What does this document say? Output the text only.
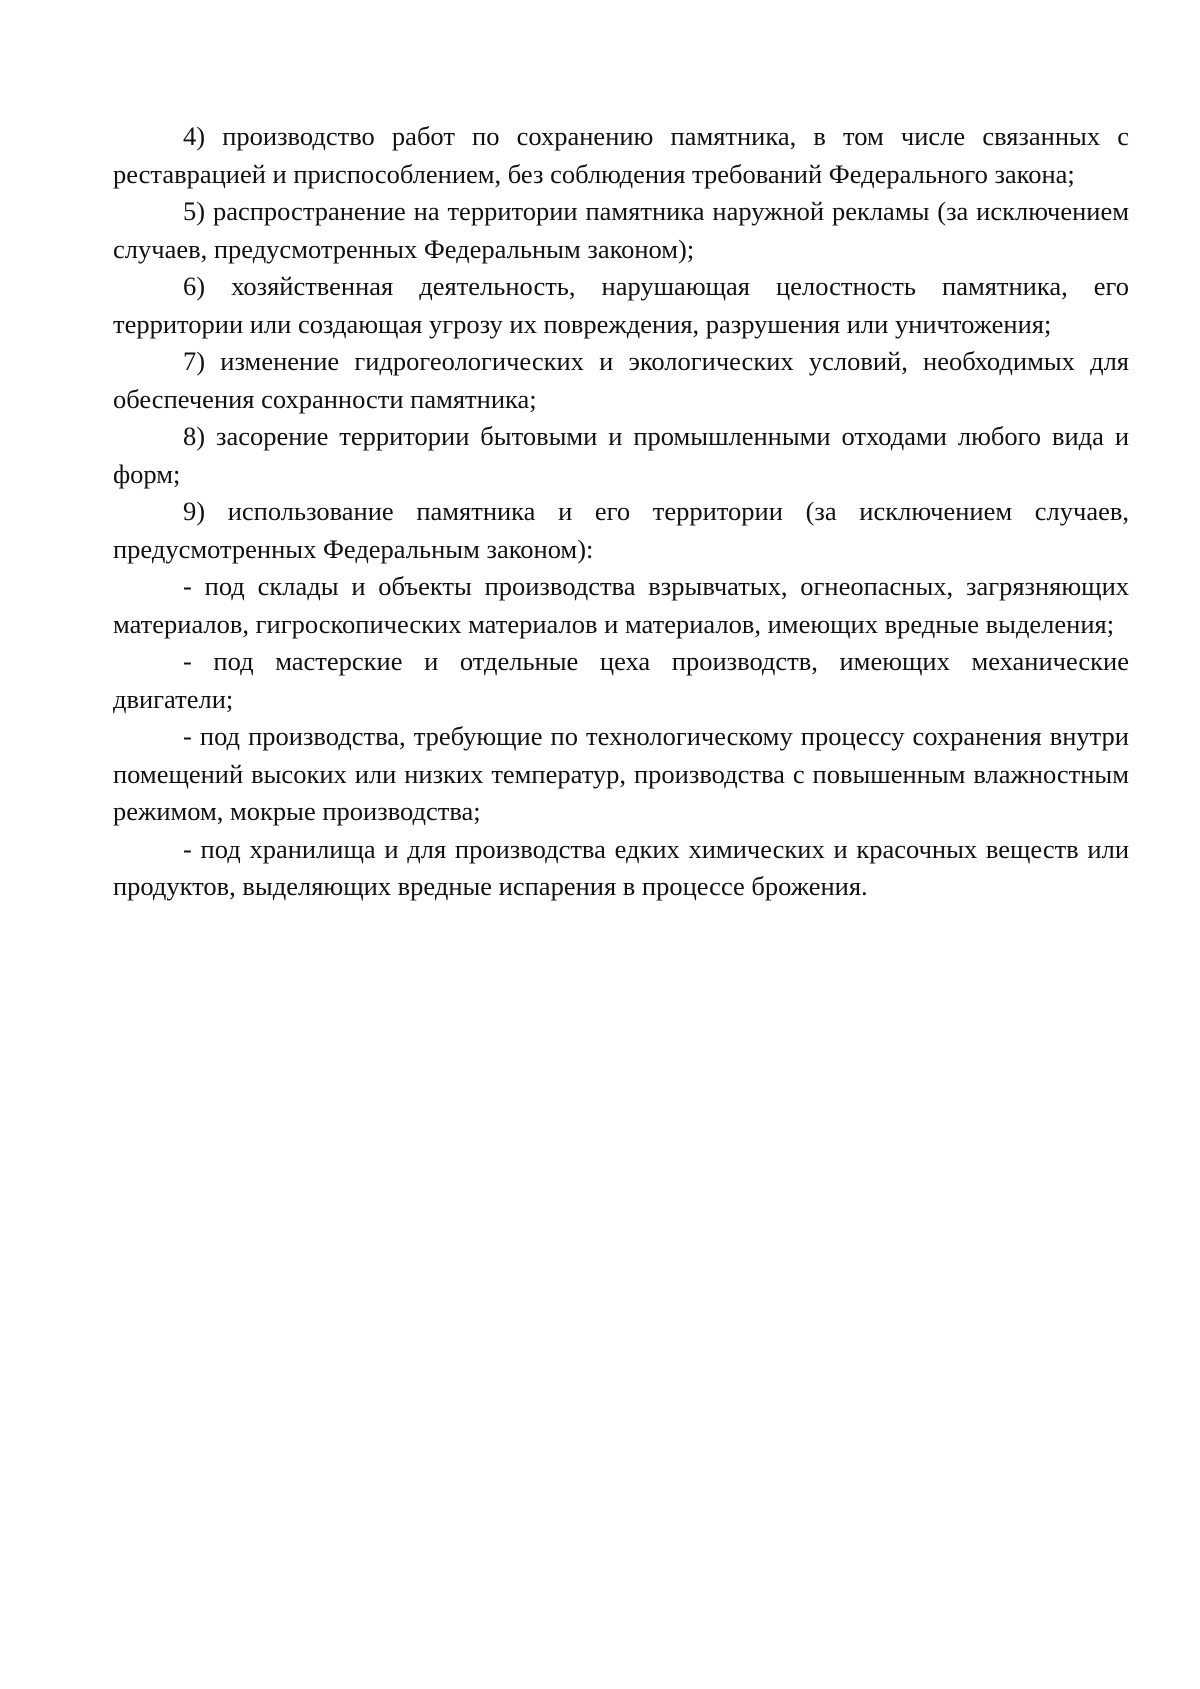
4) производство работ по сохранению памятника, в том числе связанных с реставрацией и приспособлением, без соблюдения требований Федерального закона;

5) распространение на территории памятника наружной рекламы (за исключением случаев, предусмотренных Федеральным законом);

6) хозяйственная деятельность, нарушающая целостность памятника, его территории или создающая угрозу их повреждения, разрушения или уничтожения;

7) изменение гидрогеологических и экологических условий, необходимых для обеспечения сохранности памятника;

8) засорение территории бытовыми и промышленными отходами любого вида и форм;

9) использование памятника и его территории (за исключением случаев, предусмотренных Федеральным законом):

- под склады и объекты производства взрывчатых, огнеопасных, загрязняющих материалов, гигроскопических материалов и материалов, имеющих вредные выделения;

- под мастерские и отдельные цеха производств, имеющих механические двигатели;

- под производства, требующие по технологическому процессу сохранения внутри помещений высоких или низких температур, производства с повышенным влажностным режимом, мокрые производства;

- под хранилища и для производства едких химических и красочных веществ или продуктов, выделяющих вредные испарения в процессе брожения.
